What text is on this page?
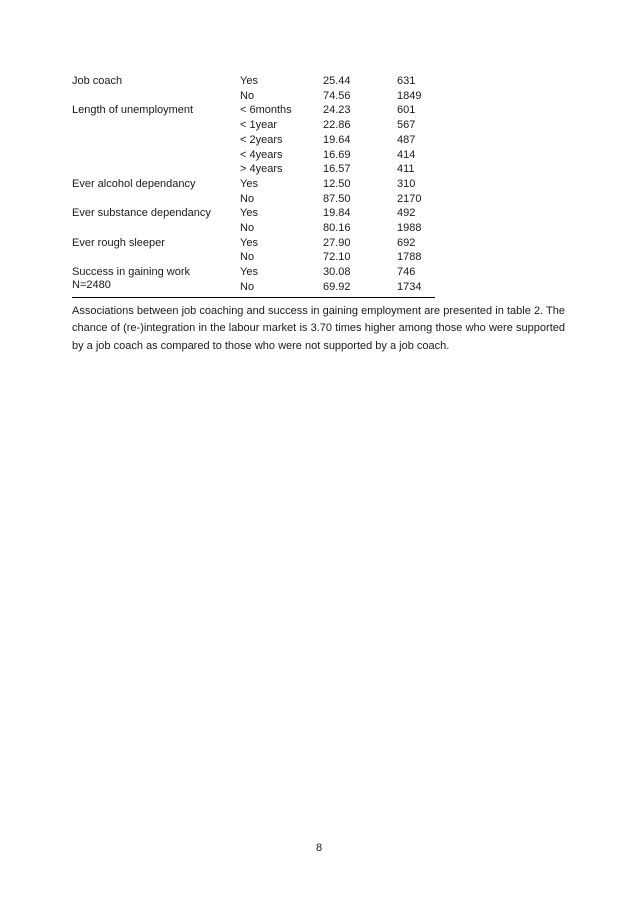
Job coach	Yes	25.44	631
	No	74.56	1849
Length of unemployment	< 6months	24.23	601
	< 1year	22.86	567
	< 2years	19.64	487
	< 4years	16.69	414
	> 4years	16.57	411
Ever alcohol dependancy	Yes	12.50	310
	No	87.50	2170
Ever substance dependancy	Yes	19.84	492
	No	80.16	1988
Ever rough sleeper	Yes	27.90	692
	No	72.10	1788
Success in gaining work	Yes	30.08	746
	No	69.92	1734
N=2480

Associations between job coaching and success in gaining employment are presented in table 2. The chance of (re-)integration in the labour market is 3.70 times higher among those who were supported by a job coach as compared to those who were not supported by a job coach.

8
